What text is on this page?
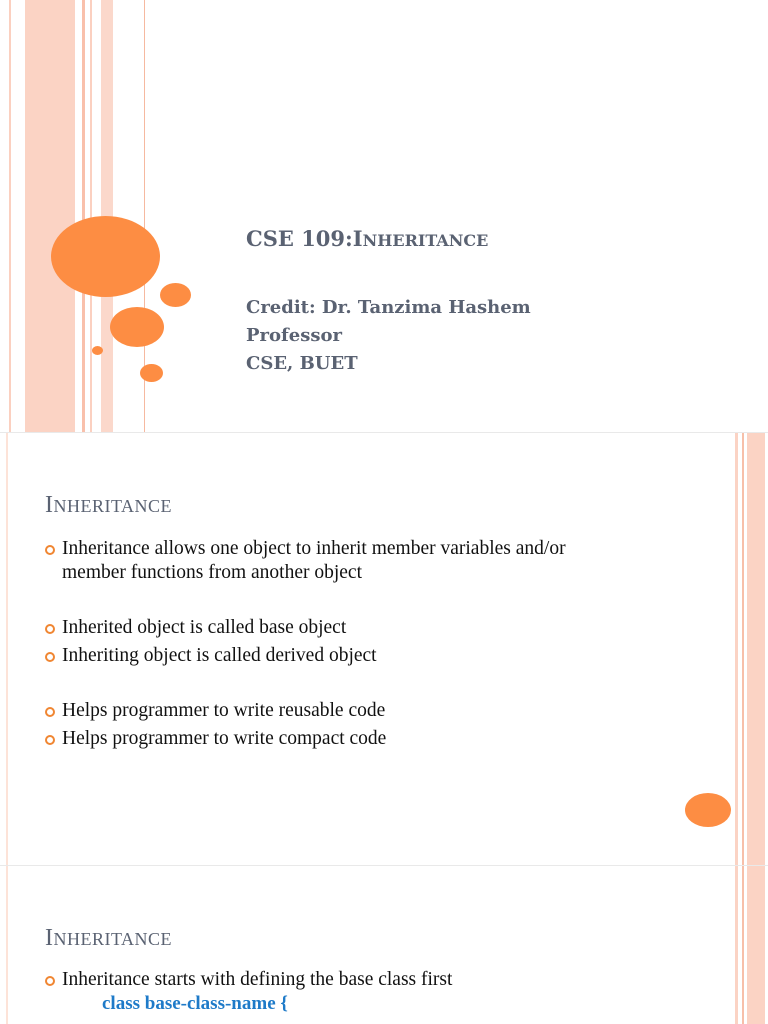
CSE 109:INHERITANCE
Credit: Dr. Tanzima Hashem
Professor
CSE, BUET
INHERITANCE
Inheritance allows one object to inherit member variables and/or
member functions from another object
Inherited object is called base object
Inheriting object is called derived object
Helps programmer to write reusable code
Helps programmer to write compact code
INHERITANCE
Inheritance starts with defining the base class first
class base-class-name {
